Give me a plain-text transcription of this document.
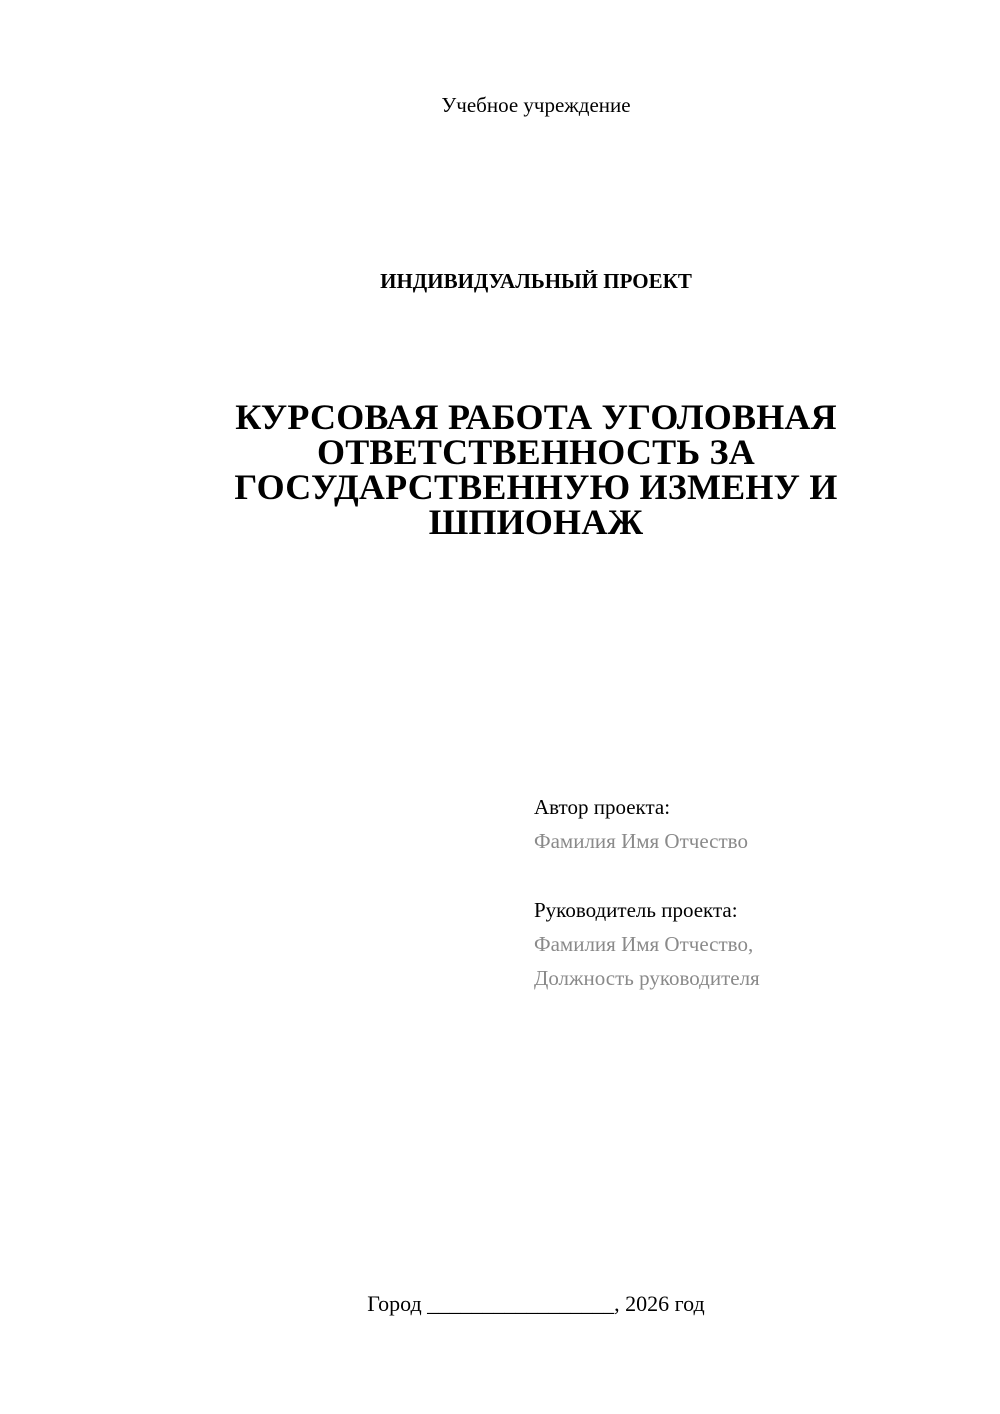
Учебное учреждение
ИНДИВИДУАЛЬНЫЙ ПРОЕКТ
КУРСОВАЯ РАБОТА УГОЛОВНАЯ
ОТВЕТСТВЕННОСТЬ ЗА
ГОСУДАРСТВЕННУЮ ИЗМЕНУ И
ШПИОНАЖ
Автор проекта:
Фамилия Имя Отчество
Руководитель проекта:
Фамилия Имя Отчество,
Должность руководителя
Город _________________, 2026 год
